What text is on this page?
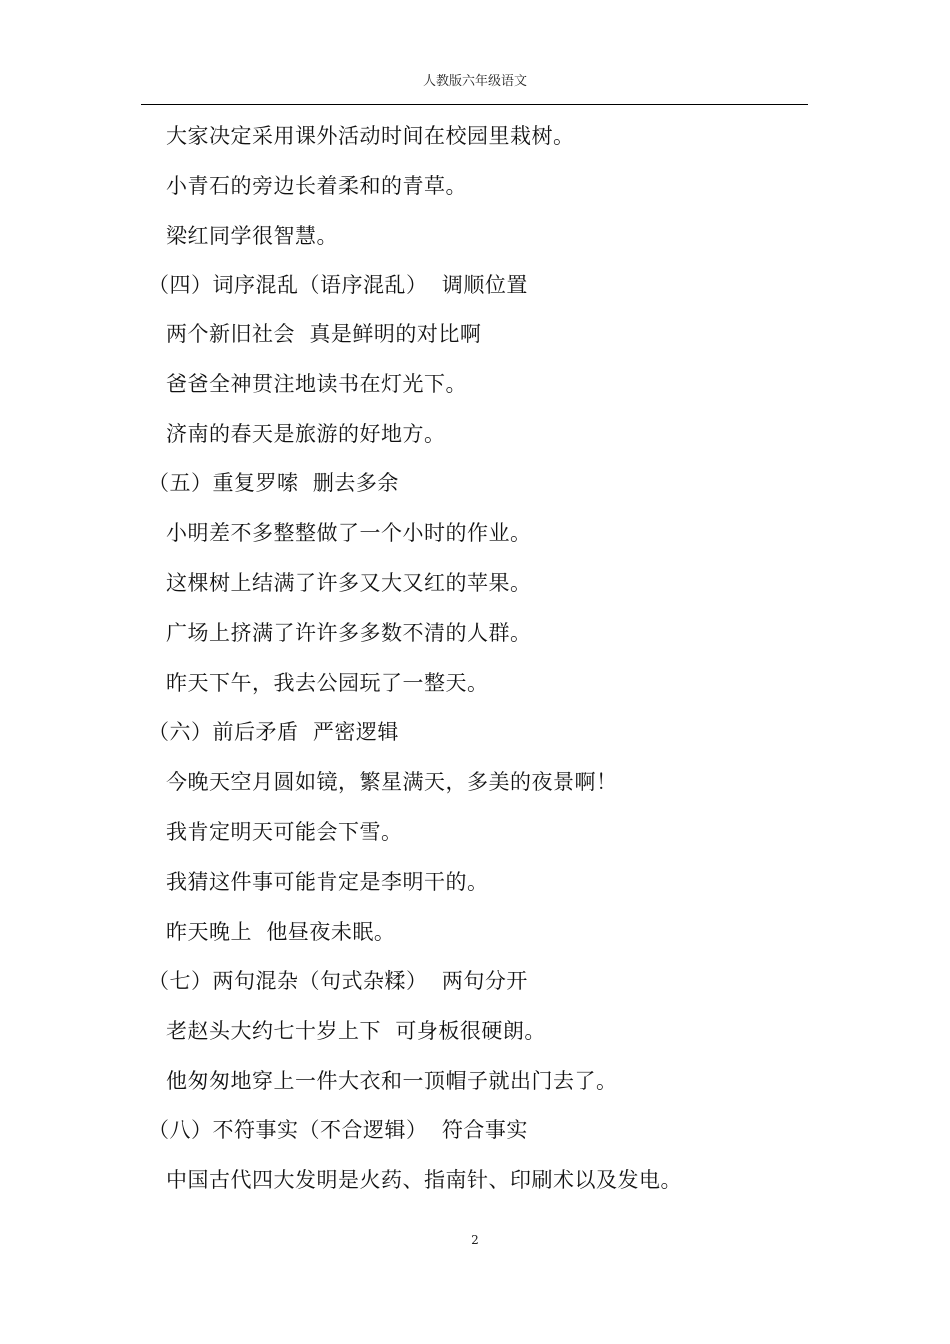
人教版六年级语文
大家决定采用课外活动时间在校园里栽树。
小青石的旁边长着柔和的青草。
梁红同学很智慧。
（四）词序混乱（语序混乱）⁠  调顺位置
两个新旧社会  真是鲜明的对比啊
爸爸全神贯注地读书在灯光下。
济南的春天是旅游的好地方。
（五）重复罗嗦  删去多余
小明差不多整整做了一个小时的作业。
这棵树上结满了许多又大又红的苹果。
广场上挤满了许许多多数不清的人群。
昨天下午，我去公园玩了一整天。
（六）前后矛盾  严密逻辑
今晚天空月圆如镜，繁星满天，多美的夜景啊！
我肯定明天可能会下雪。
我猜这件事可能肯定是李明干的。
昨天晚上  他昼夜未眠。
（七）两句混杂（句式杂糅）  两句分开
老赵头大约七十岁上下  可身板很硬朗。
他匆匆地穿上一件大衣和一顶帽子就出门去了。
（八）不符事实（不合逻辑）  符合事实
中国古代四大发明是火药、指南针、印刷术以及发电。
2
